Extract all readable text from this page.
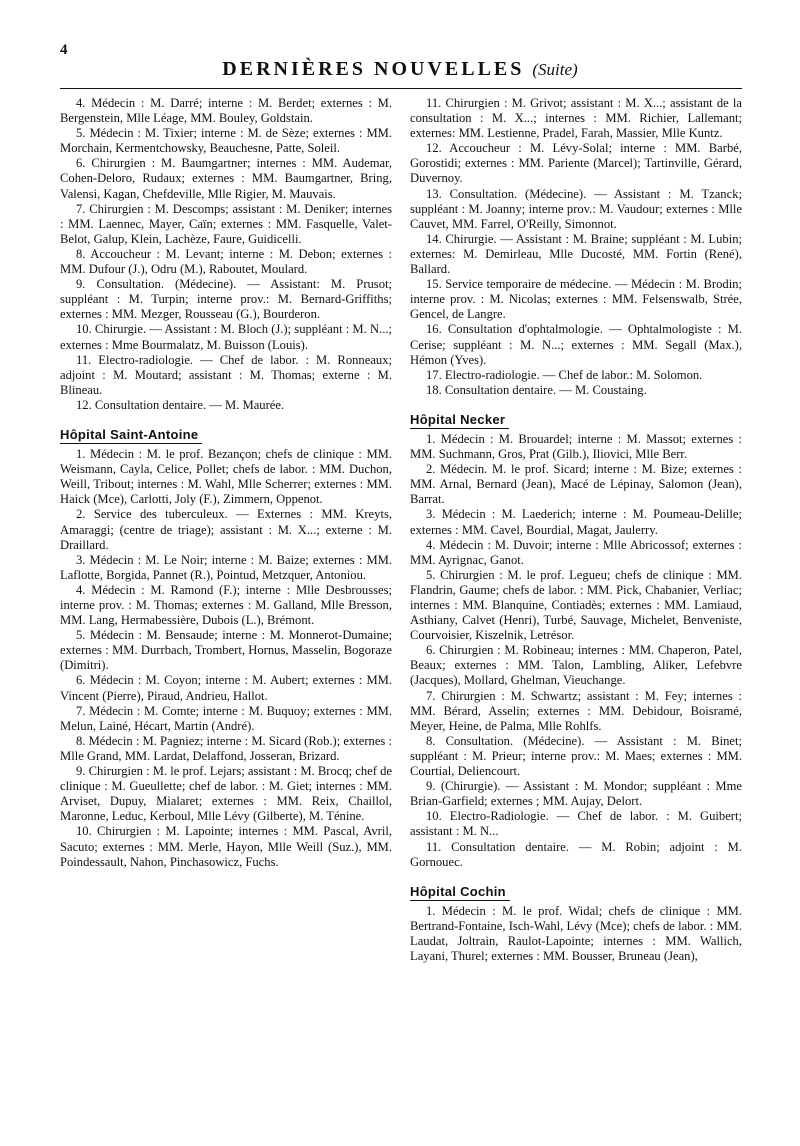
4
DERNIÈRES NOUVELLES (Suite)

4. Médecin : M. Darré; interne : M. Berdet; externes : M. Bergenstein, Mlle Léage, MM. Bouley, Goldstain.

5. Médecin : M. Tixier; interne : M. de Sèze; externes : MM. Morchain, Kermentchowsky, Beauchesne, Patte, Soleil.

6. Chirurgien : M. Baumgartner; internes : MM. Audemar, Cohen-Deloro, Rudaux; externes : MM. Baumgartner, Bring, Valensi, Kagan, Chefdeville, Mlle Rigier, M. Mauvais.

7. Chirurgien : M. Descomps; assistant : M. Deniker; internes : MM. Laennec, Mayer, Caïn; externes : MM. Fasquelle, Valet-Belot, Galup, Klein, Lachèze, Faure, Guidicelli.

8. Accoucheur : M. Levant; interne : M. Debon; externes : MM. Dufour (J.), Odru (M.), Raboutet, Moulard.

9. Consultation. (Médecine). — Assistant: M. Prusot; suppléant : M. Turpin; interne prov.: M. Bernard-Griffiths; externes : MM. Mezger, Rousseau (G.), Bourderon.

10. Chirurgie. — Assistant : M. Bloch (J.); suppléant : M. N...; externes : Mme Bourmalatz, M. Buisson (Louis).

11. Electro-radiologie. — Chef de labor. : M. Ronneaux; adjoint : M. Moutard; assistant : M. Thomas; externe : M. Blineau.

12. Consultation dentaire. — M. Maurée.

Hôpital Saint-Antoine

1. Médecin : M. le prof. Bezançon; chefs de clinique : MM. Weismann, Cayla, Celice, Pollet; chefs de labor. : MM. Duchon, Weill, Tribout; internes : M. Wahl, Mlle Scherrer; externes : MM. Haick (Mce), Carlotti, Joly (F.), Zimmern, Oppenot.

2. Service des tuberculeux. — Externes : MM. Kreyts, Amaraggi; (centre de triage); assistant : M. X...; externe : M. Draillard.

3. Médecin : M. Le Noir; interne : M. Baize; externes : MM. Laflotte, Borgida, Pannet (R.), Pointud, Metzquer, Antoniou.

4. Médecin : M. Ramond (F.); interne : Mlle Desbrousses; interne prov. : M. Thomas; externes : M. Galland, Mlle Bresson, MM. Lang, Hermabessière, Dubois (L.), Brémont.

5. Médecin : M. Bensaude; interne : M. Monnerot-Dumaine; externes : MM. Durrbach, Trombert, Hornus, Masselin, Bogoraze (Dimitri).

6. Médecin : M. Coyon; interne : M. Aubert; externes : MM. Vincent (Pierre), Piraud, Andrieu, Hallot.

7. Médecin : M. Comte; interne : M. Buquoy; externes : MM. Melun, Lainé, Hécart, Martin (André).

8. Médecin : M. Pagniez; interne : M. Sicard (Rob.); externes : Mlle Grand, MM. Lardat, Delaffond, Josseran, Brizard.

9. Chirurgien : M. le prof. Lejars; assistant : M. Brocq; chef de clinique : M. Gueullette; chef de labor. : M. Giet; internes : MM. Arviset, Dupuy, Mialaret; externes : MM. Reix, Chaillol, Maronne, Leduc, Kerboul, Mlle Lévy (Gilberte), M. Ténine.

10. Chirurgien : M. Lapointe; internes : MM. Pascal, Avril, Sacuto; externes : MM. Merle, Hayon, Mlle Weill (Suz.), MM. Poindessault, Nahon, Pinchasowicz, Fuchs.

11. Chirurgien : M. Grivot; assistant : M. X...; assistant de la consultation : M. X...; internes : MM. Richier, Lallemant; externes: MM. Lestienne, Pradel, Farah, Massier, Mlle Kuntz.

12. Accoucheur : M. Lévy-Solal; interne : MM. Barbé, Gorostidi; externes : MM. Pariente (Marcel); Tartinville, Gérard, Duvernoy.

13. Consultation. (Médecine). — Assistant : M. Tzanck; suppléant : M. Joanny; interne prov.: M. Vaudour; externes : Mlle Cauvet, MM. Farrel, O'Reilly, Simonnot.

14. Chirurgie. — Assistant : M. Braine; suppléant : M. Lubin; externes: M. Demirleau, Mlle Ducosté, MM. Fortin (René), Ballard.

15. Service temporaire de médecine. — Médecin : M. Brodin; interne prov. : M. Nicolas; externes : MM. Felsenswalb, Strée, Gencel, de Langre.

16. Consultation d'ophtalmologie. — Ophtalmologiste : M. Cerise; suppléant : M. N...; externes : MM. Segall (Max.), Hémon (Yves).

17. Electro-radiologie. — Chef de labor.: M. Solomon.

18. Consultation dentaire. — M. Coustaing.

Hôpital Necker

1. Médecin : M. Brouardel; interne : M. Massot; externes : MM. Suchmann, Gros, Prat (Gilb.), Iliovici, Mlle Berr.

2. Médecin. M. le prof. Sicard; interne : M. Bize; externes : MM. Arnal, Bernard (Jean), Macé de Lépinay, Salomon (Jean), Barrat.

3. Médecin : M. Laederich; interne : M. Poumeau-Delille; externes : MM. Cavel, Bourdial, Magat, Jaulerry.

4. Médecin : M. Duvoir; interne : Mlle Abricossof; externes : MM. Ayrignac, Ganot.

5. Chirurgien : M. le prof. Legueu; chefs de clinique : MM. Flandrin, Gaume; chefs de labor. : MM. Pick, Chabanier, Verliac; internes : MM. Blanquine, Contiadès; externes : MM. Lamiaud, Asthiany, Calvet (Henri), Turbé, Sauvage, Michelet, Benveniste, Courvoisier, Kiszelnik, Letrésor.

6. Chirurgien : M. Robineau; internes : MM. Chaperon, Patel, Beaux; externes : MM. Talon, Lambling, Aliker, Lefebvre (Jacques), Mollard, Ghelman, Vieuchange.

7. Chirurgien : M. Schwartz; assistant : M. Fey; internes : MM. Bérard, Asselin; externes : MM. Debidour, Boisramé, Meyer, Heine, de Palma, Mlle Rohlfs.

8. Consultation. (Médecine). — Assistant : M. Binet; suppléant : M. Prieur; interne prov.: M. Maes; externes : MM. Courtial, Deliencourt.

9. (Chirurgie). — Assistant : M. Mondor; suppléant : Mme Brian-Garfield; externes ; MM. Aujay, Delort.

10. Electro-Radiologie. — Chef de labor. : M. Guibert; assistant : M. N...

11. Consultation dentaire. — M. Robin; adjoint : M. Gornouec.

Hôpital Cochin

1. Médecin : M. le prof. Widal; chefs de clinique : MM. Bertrand-Fontaine, Isch-Wahl, Lévy (Mce); chefs de labor. : MM. Laudat, Joltrain, Raulot-Lapointe; internes : MM. Wallich, Layani, Thurel; externes : MM. Bousser, Bruneau (Jean),
